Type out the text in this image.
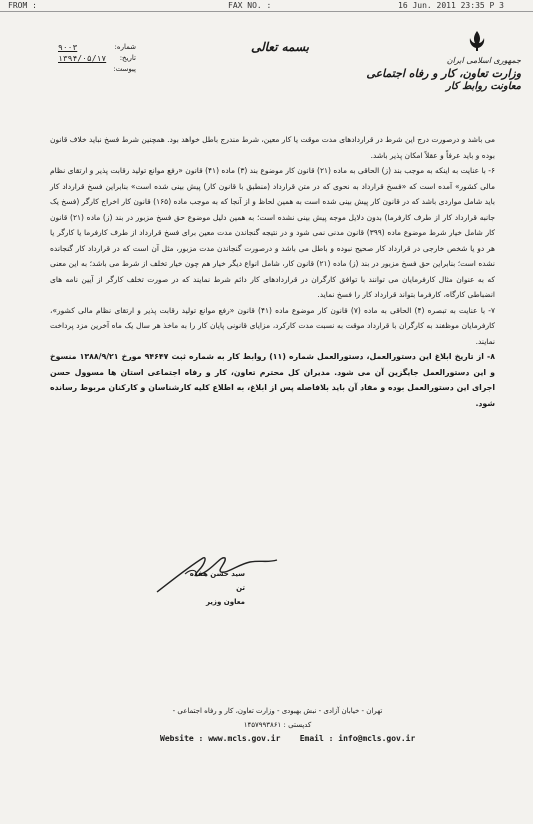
FROM :	FAX NO. :	16 Jun. 2011 23:35 P 3
بسمه تعالی
جمهوری اسلامی ایران
وزارت تعاون، کار و رفاه اجتماعی
معاونت روابط کار
شماره:
۹۰۰۳
تاریخ:
۱۳۹۴/۰۵/۱۷
پیوست:

می باشد و درصورت درج این شرط در قراردادهای مدت موقت یا کار معین، شرط مندرج باطل خواهد بود. همچنین شرط فسخ نباید خلاف قانون بوده و باید عرفاً و عقلاً امکان پذیر باشد.

۶- با عنایت به اینکه به موجب بند (ز) الحاقی به ماده (۲۱) قانون کار موضوع بند (۳) ماده (۴۱) قانون «رفع موانع تولید رقابت پذیر و ارتقای نظام مالی کشور» آمده است که «فسخ قرارداد به نحوی که در متن قرارداد (منطبق با قانون کار) پیش بینی شده است» بنابراین فسخ قرارداد کار باید شامل مواردی باشد که در قانون کار پیش بینی شده است به همین لحاظ و از آنجا که به موجب ماده (۱۶۵) قانون کار اخراج کارگر (فسخ یک جانبه قرارداد کار از طرف کارفرما) بدون دلایل موجه پیش بینی نشده است؛ به همین دلیل موضوع حق فسخ مزبور در بند (ز) ماده (۲۱) قانون کار شامل خیار شرط موضوع ماده (۳۹۹) قانون مدنی نمی شود و در نتیجه گنجاندن مدت معین برای فسخ قرارداد از طرف کارفرما یا کارگر یا هر دو یا شخص خارجی در قرارداد کار صحیح نبوده و باطل می باشد و درصورت گنجاندن مدت مزبور، مثل آن است که در قرارداد کار گنجانده نشده است؛ بنابراین حق فسخ مزبور در بند (ز) ماده (۲۱) قانون کار، شامل انواع دیگر خیار هم چون خیار تخلف از شرط می باشد؛ به این معنی که به عنوان مثال کارفرمایان می توانند با توافق کارگران در قراردادهای کار دائم شرط نمایند که در صورت تخلف کارگر از آیین نامه های انضباطی کارگاه، کارفرما بتواند قرارداد کار را فسخ نماید.

۷- با عنایت به تبصره (۴) الحاقی به ماده (۷) قانون کار موضوع ماده (۴۱) قانون «رفع موانع تولید رقابت پذیر و ارتقای نظام مالی کشور»، کارفرمایان موظفند به کارگران با قرارداد موقت به نسبت مدت کارکرد، مزایای قانونی پایان کار را به ماخذ هر سال یک ماه آخرین مزد پرداخت نمایند.

۸- از تاریخ ابلاغ این دستورالعمل، دستورالعمل شماره (۱۱) روابط کار به شماره ثبت ۹۴۶۴۷ مورخ ۱۳۸۸/۹/۲۱ منسوخ و این دستورالعمل جایگزین آن می شود. مدیران کل محترم تعاون، کار و رفاه اجتماعی استان ها مسوول حسن اجرای این دستورالعمل بوده و مفاد آن باید بلافاصله پس از ابلاغ، به اطلاع کلیه کارشناسان و کارکنان مربوط رسانده شود.

سید حسن هفده تن
معاون وزیر
تهران - خیابان آزادی - نبش بهبودی - وزارت تعاون، کار و رفاه اجتماعی - کدپستی : ۱۴۵۷۹۹۳۸۶۱
Website : www.mcls.gov.ir Email : info@mcls.gov.ir
